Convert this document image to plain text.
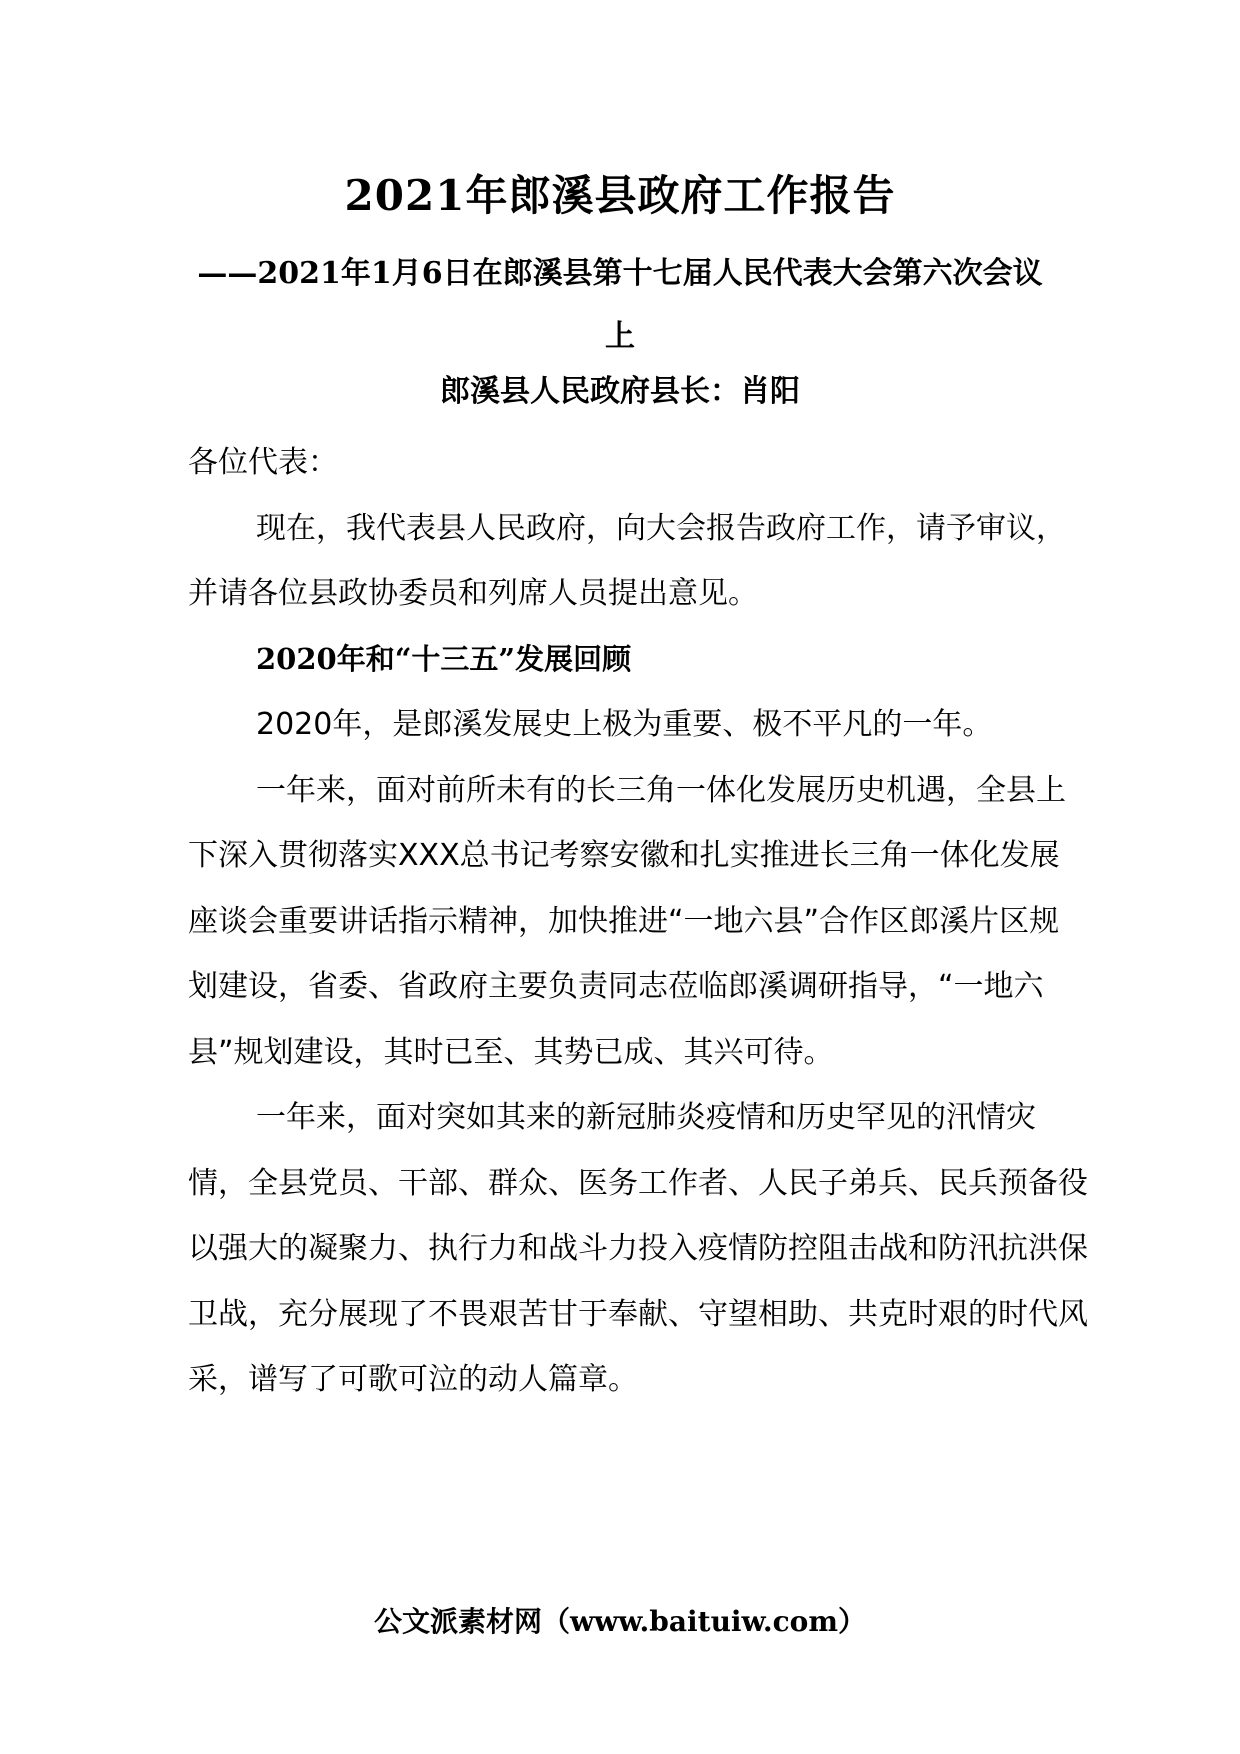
2021年郎溪县政府工作报告
——2021年1月6日在郎溪县第十七届人民代表大会第六次会议上
郎溪县人民政府县长：肖阳

各位代表：

现在，我代表县人民政府，向大会报告政府工作，请予审议，并请各位县政协委员和列席人员提出意见。

2020年和“十三五”发展回顾

2020年，是郎溪发展史上极为重要、极不平凡的一年。

一年来，面对前所未有的长三角一体化发展历史机遇，全县上下深入贯彻落实XXX总书记考察安徽和扎实推进长三角一体化发展座谈会重要讲话指示精神，加快推进“一地六县”合作区郎溪片区规划建设，省委、省政府主要负责同志莅临郎溪调研指导，“一地六县”规划建设，其时已至、其势已成、其兴可待。

一年来，面对突如其来的新冠肺炎疫情和历史罕见的汛情灾情，全县党员、干部、群众、医务工作者、人民子弟兵、民兵预备役以强大的凝聚力、执行力和战斗力投入疫情防控阻击战和防汛抗洪保卫战，充分展现了不畏艰苦甘于奉献、守望相助、共克时艰的时代风采，谱写了可歌可泣的动人篇章。

公文派素材网（www.baituiw.com）
